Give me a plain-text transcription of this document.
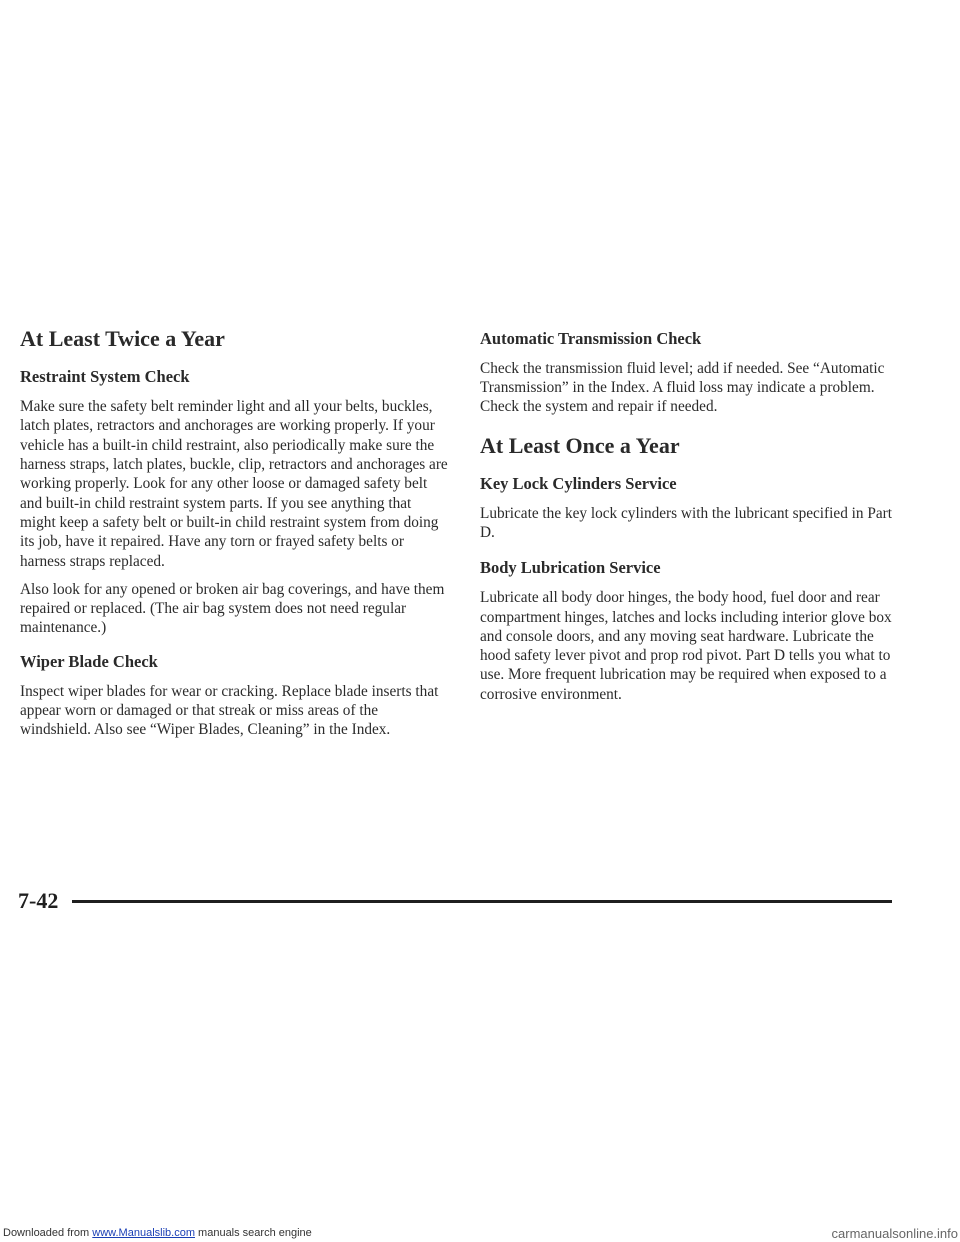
At Least Twice a Year
Restraint System Check

Make sure the safety belt reminder light and all your belts, buckles, latch plates, retractors and anchorages are working properly. If your vehicle has a built-in child restraint, also periodically make sure the harness straps, latch plates, buckle, clip, retractors and anchorages are working properly. Look for any other loose or damaged safety belt and built-in child restraint system parts. If you see anything that might keep a safety belt or built-in child restraint system from doing its job, have it repaired. Have any torn or frayed safety belts or harness straps replaced.

Also look for any opened or broken air bag coverings, and have them repaired or replaced. (The air bag system does not need regular maintenance.)

Wiper Blade Check

Inspect wiper blades for wear or cracking. Replace blade inserts that appear worn or damaged or that streak or miss areas of the windshield. Also see “Wiper Blades, Cleaning” in the Index.

Automatic Transmission Check

Check the transmission fluid level; add if needed. See “Automatic Transmission” in the Index. A fluid loss may indicate a problem. Check the system and repair if needed.

At Least Once a Year
Key Lock Cylinders Service

Lubricate the key lock cylinders with the lubricant specified in Part D.

Body Lubrication Service

Lubricate all body door hinges, the body hood, fuel door and rear compartment hinges, latches and locks including interior glove box and console doors, and any moving seat hardware. Lubricate the hood safety lever pivot and prop rod pivot. Part D tells you what to use. More frequent lubrication may be required when exposed to a corrosive environment.

7-42
Downloaded from www.Manualslib.com manuals search engine	carmanualsonline.info
